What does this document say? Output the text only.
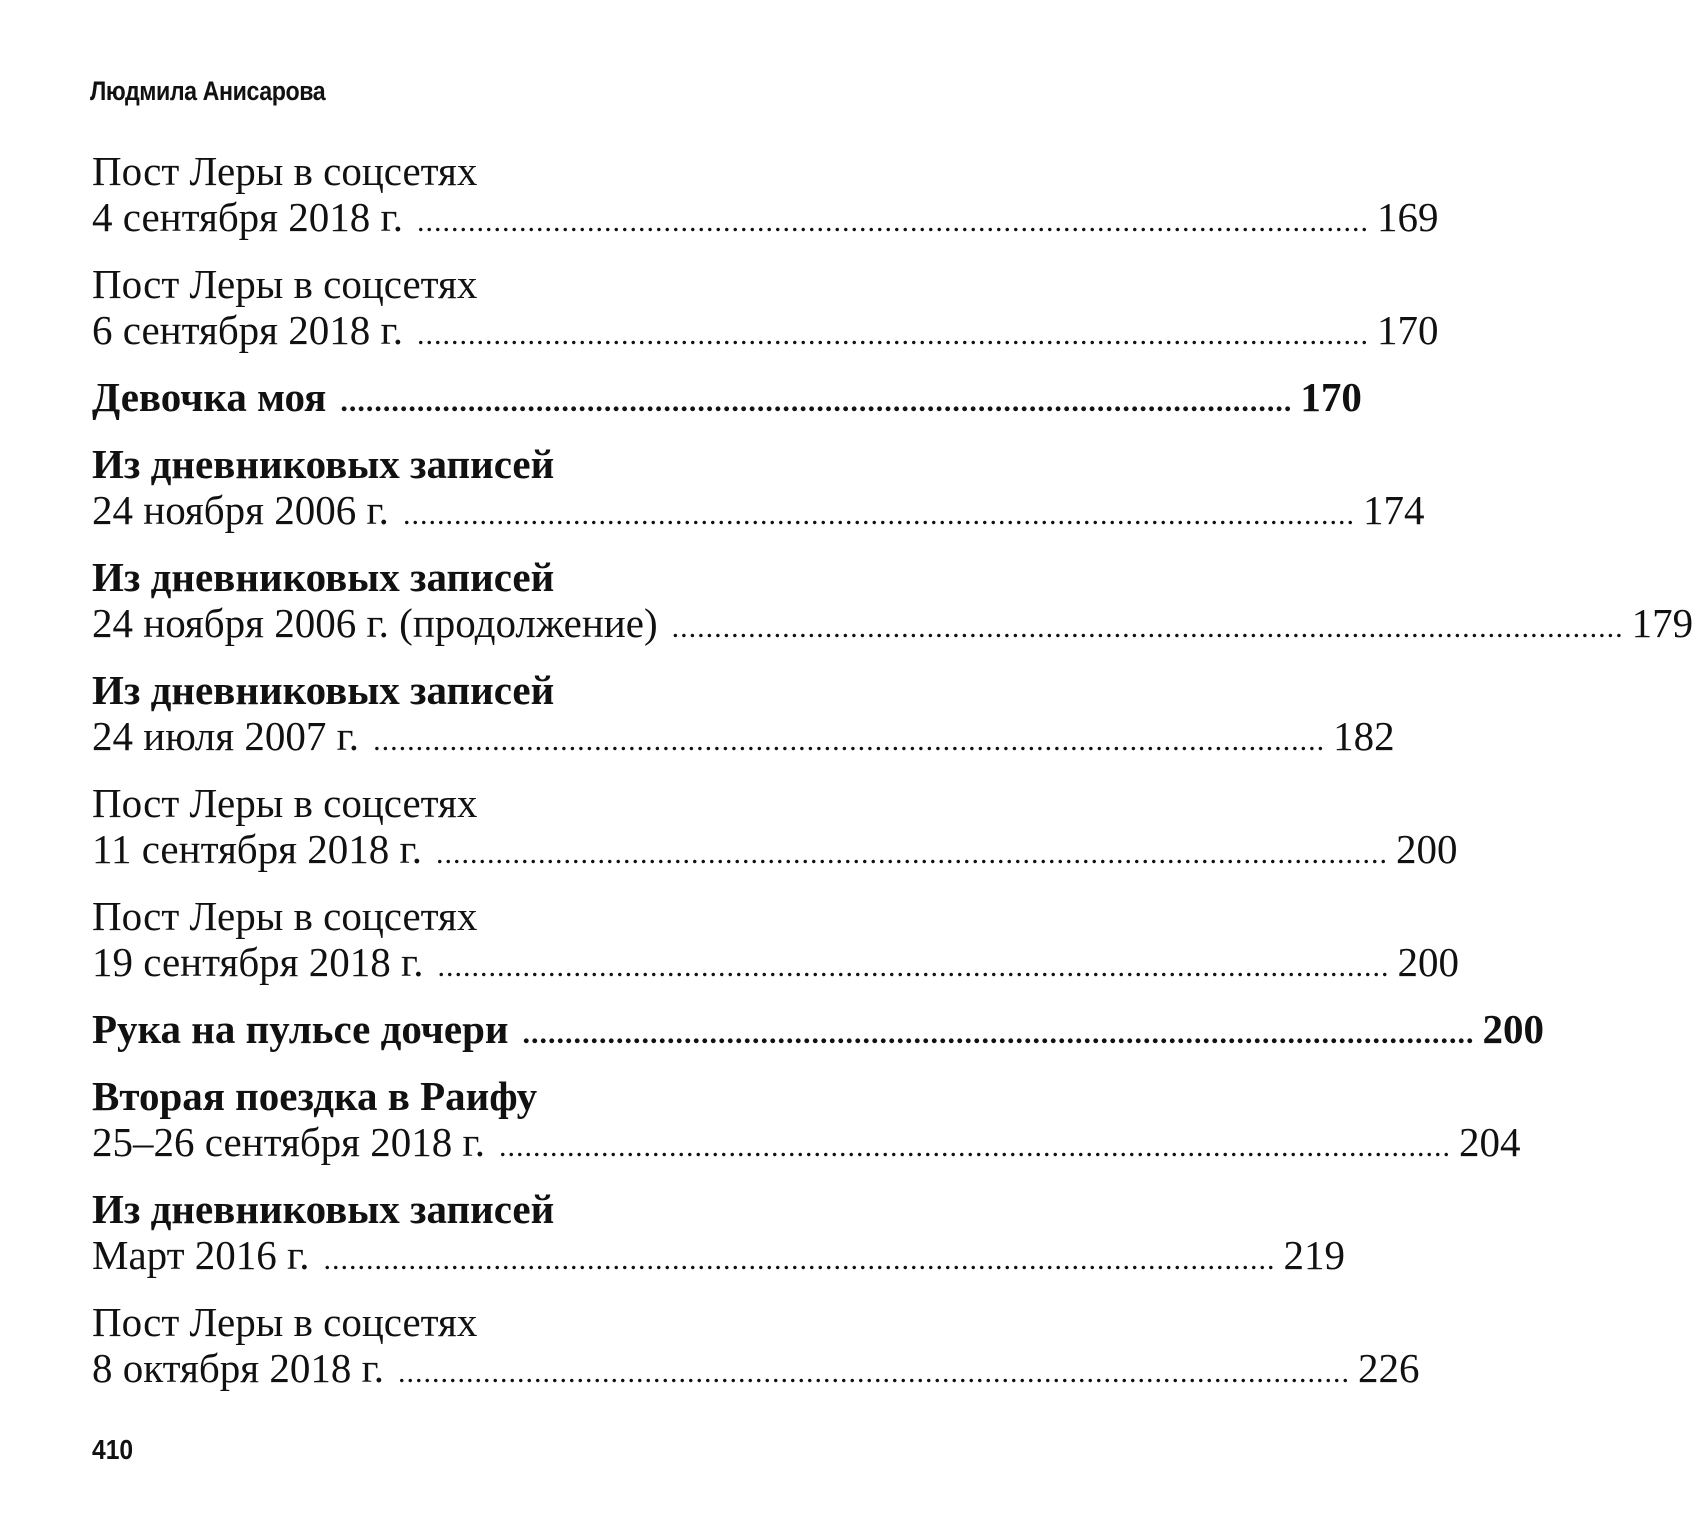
Людмила Анисарова
Пост Леры в соцсетях
4 сентября 2018 г. ................................................................................................................ 169
Пост Леры в соцсетях
6 сентября 2018 г. ................................................................................................................ 170
Девочка моя ................................................................................................................ 170
Из дневниковых записей
24 ноября 2006 г. ................................................................................................................ 174
Из дневниковых записей
24 ноября 2006 г. (продолжение) ................................................................................................................ 179
Из дневниковых записей
24 июля 2007 г. ................................................................................................................ 182
Пост Леры в соцсетях
11 сентября 2018 г. ................................................................................................................ 200
Пост Леры в соцсетях
19 сентября 2018 г. ................................................................................................................ 200
Рука на пульсе дочери ................................................................................................................ 200
Вторая поездка в Раифу
25–26 сентября 2018 г. ................................................................................................................ 204
Из дневниковых записей
Март 2016 г. ................................................................................................................ 219
Пост Леры в соцсетях
8 октября 2018 г. ................................................................................................................ 226
410
